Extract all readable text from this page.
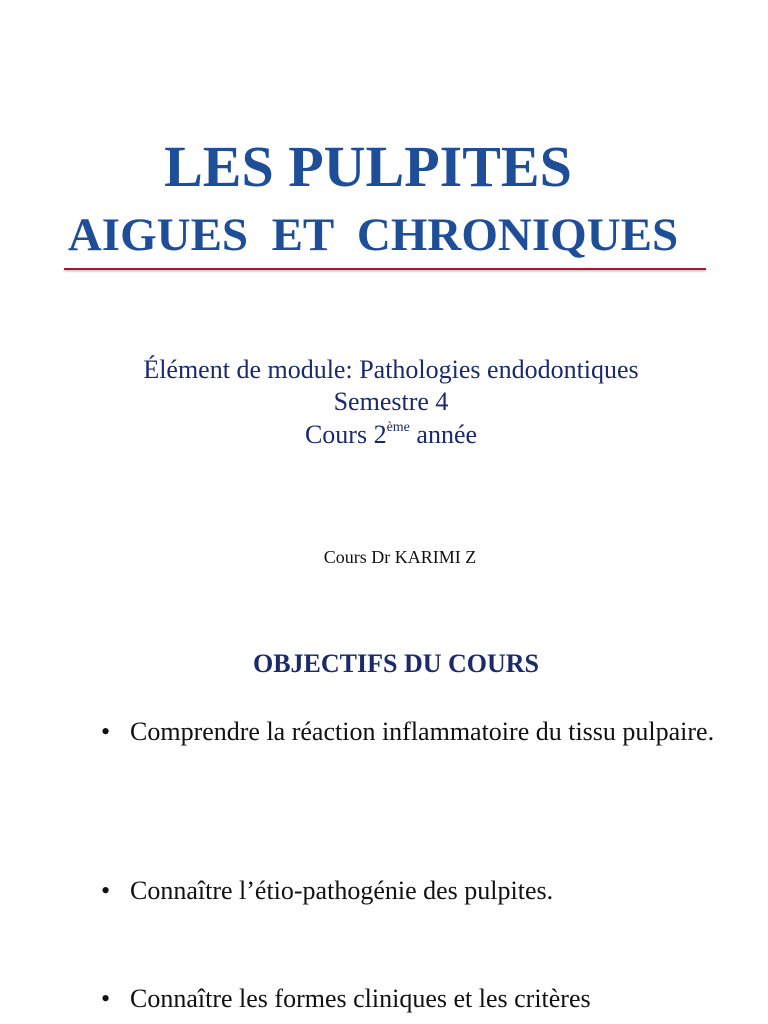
LES PULPITES
AIGUES  ET  CHRONIQUES
Élément de module: Pathologies endodontiques
Semestre 4
Cours 2ème année
Cours Dr KARIMI Z
OBJECTIFS DU COURS
• Comprendre la réaction inflammatoire du tissu pulpaire.
• Connaître l’étio-pathogénie des pulpites.
• Connaître les formes cliniques et les critères
